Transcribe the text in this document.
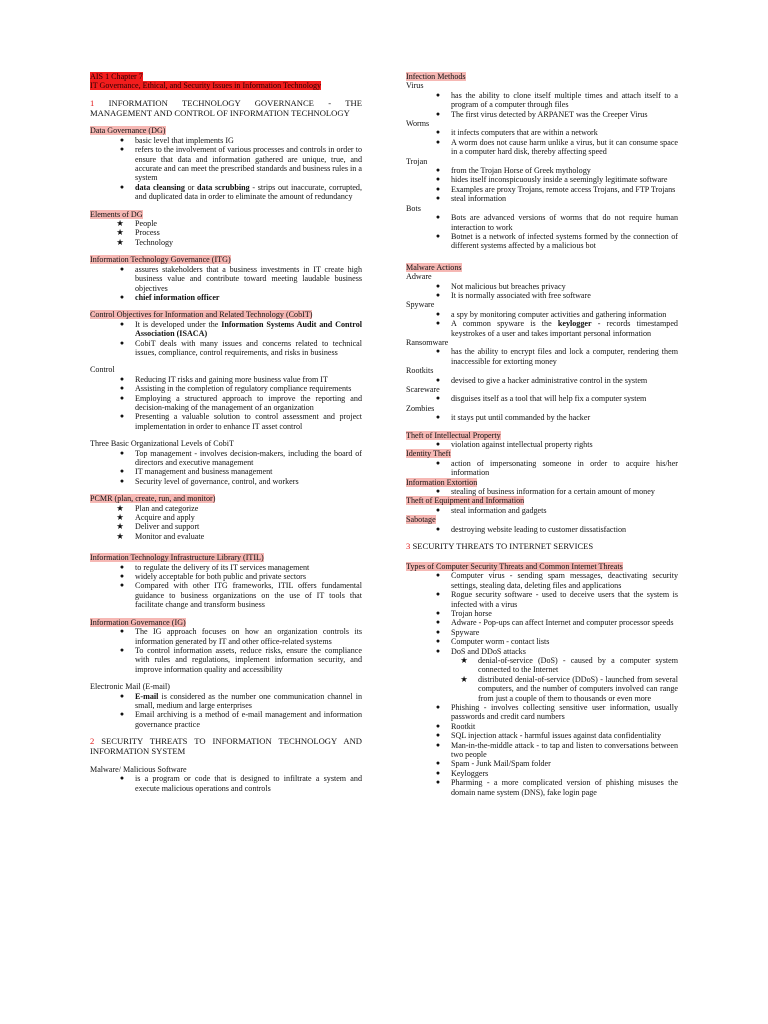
AIS 1 Chapter 7
IT Governance, Ethical, and Security Issues in Information Technology

1 INFORMATION TECHNOLOGY GOVERNANCE - THE MANAGEMENT AND CONTROL OF INFORMATION TECHNOLOGY

Data Governance (DG)

●	basic level that implements IG
●	refers to the involvement of various processes and controls in order to ensure that data and information gathered are unique, true, and accurate and can meet the prescribed standards and business rules in a system
●	data cleansing or data scrubbing - strips out inaccurate, corrupted, and duplicated data in order to eliminate the amount of redundancy

Elements of DG

★ People
★ Process
★ Technology

Information Technology Governance (ITG)

●	assures stakeholders that a business investments in IT create high business value and contribute toward meeting laudable business objectives
●	chief information officer

Control Objectives for Information and Related Technology (CobIT)

●	It is developed under the Information Systems Audit and Control Association (ISACA)
●	CobiT deals with many issues and concerns related to technical issues, compliance, control requirements, and risks in business

Control

●	Reducing IT risks and gaining more business value from IT
●	Assisting in the completion of regulatory compliance requirements
●	Employing a structured approach to improve the reporting and decision-making of the management of an organization
●	Presenting a valuable solution to control assessment and project implementation in order to enhance IT asset control

Three Basic Organizational Levels of CobiT

●	Top management - involves decision-makers, including the board of directors and executive management
●	IT management and business management
●	Security level of governance, control, and workers

PCMR (plan, create, run, and monitor)

★ Plan and categorize
★ Acquire and apply
★ Deliver and support
★ Monitor and evaluate

Information Technology Infrastructure Library (ITIL)

●	to regulate the delivery of its IT services management
●	widely acceptable for both public and private sectors
●	Compared with other ITG frameworks, ITIL offers fundamental guidance to business organizations on the use of IT tools that facilitate change and transform business

Information Governance (IG)

●	The IG approach focuses on how an organization controls its information generated by IT and other office-related systems
●	To control information assets, reduce risks, ensure the compliance with rules and regulations, implement information security, and improve information quality and accessibility

Electronic Mail (E-mail)

●	E-mail is considered as the number one communication channel in small, medium and large enterprises
●	Email archiving is a method of e-mail management and information governance practice

2 SECURITY THREATS TO INFORMATION TECHNOLOGY AND INFORMATION SYSTEM

Malware/ Malicious Software

●	is a program or code that is designed to infiltrate a system and execute malicious operations and controls

Infection Methods

Virus

●	has the ability to clone itself multiple times and attach itself to a program of a computer through files
●	The first virus detected by ARPANET was the Creeper Virus

Worms

●	it infects computers that are within a network
●	A worm does not cause harm unlike a virus, but it can consume space in a computer hard disk, thereby affecting speed

Trojan

●	from the Trojan Horse of Greek mythology
●	hides itself inconspicuously inside a seemingly legitimate software
●	Examples are proxy Trojans, remote access Trojans, and FTP Trojans
●	steal information

Bots

●	Bots are advanced versions of worms that do not require human interaction to work
●	Botnet is a network of infected systems formed by the connection of different systems affected by a malicious bot

Malware Actions

Adware

●	Not malicious but breaches privacy
●	It is normally associated with free software

Spyware

●	a spy by monitoring computer activities and gathering information
●	A common spyware is the keylogger - records timestamped keystrokes of a user and takes important personal information

Ransomware

●	has the ability to encrypt files and lock a computer, rendering them inaccessible for extorting money

Rootkits

●	devised to give a hacker administrative control in the system

Scareware

●	disguises itself as a tool that will help fix a computer system

Zombies

●	it stays put until commanded by the hacker

Theft of Intellectual Property

●	violation against intellectual property rights

Identity Theft

●	action of impersonating someone in order to acquire his/her information

Information Extortion

●	stealing of business information for a certain amount of money

Theft of Equipment and Information

●	steal information and gadgets

Sabotage

●	destroying website leading to customer dissatisfaction

3 SECURITY THREATS TO INTERNET SERVICES

Types of Computer Security Threats and Common Internet Threats

●	Computer virus - sending spam messages, deactivating security settings, stealing data, deleting files and applications
●	Rogue security software - used to deceive users that the system is infected with a virus
●	Trojan horse
●	Adware - Pop-ups can affect Internet and computer processor speeds
●	Spyware
●	Computer worm - contact lists
●	DoS and DDoS attacks
★ denial-of-service (DoS) - caused by a computer system connected to the Internet
★ distributed denial-of-service (DDoS) - launched from several computers, and the number of computers involved can range from just a couple of them to thousands or even more
●	Phishing - involves collecting sensitive user information, usually passwords and credit card numbers
●	Rootkit
●	SQL injection attack - harmful issues against data confidentiality
●	Man-in-the-middle attack - to tap and listen to conversations between two people
●	Spam - Junk Mail/Spam folder
●	Keyloggers
●	Pharming - a more complicated version of phishing misuses the domain name system (DNS), fake login page
